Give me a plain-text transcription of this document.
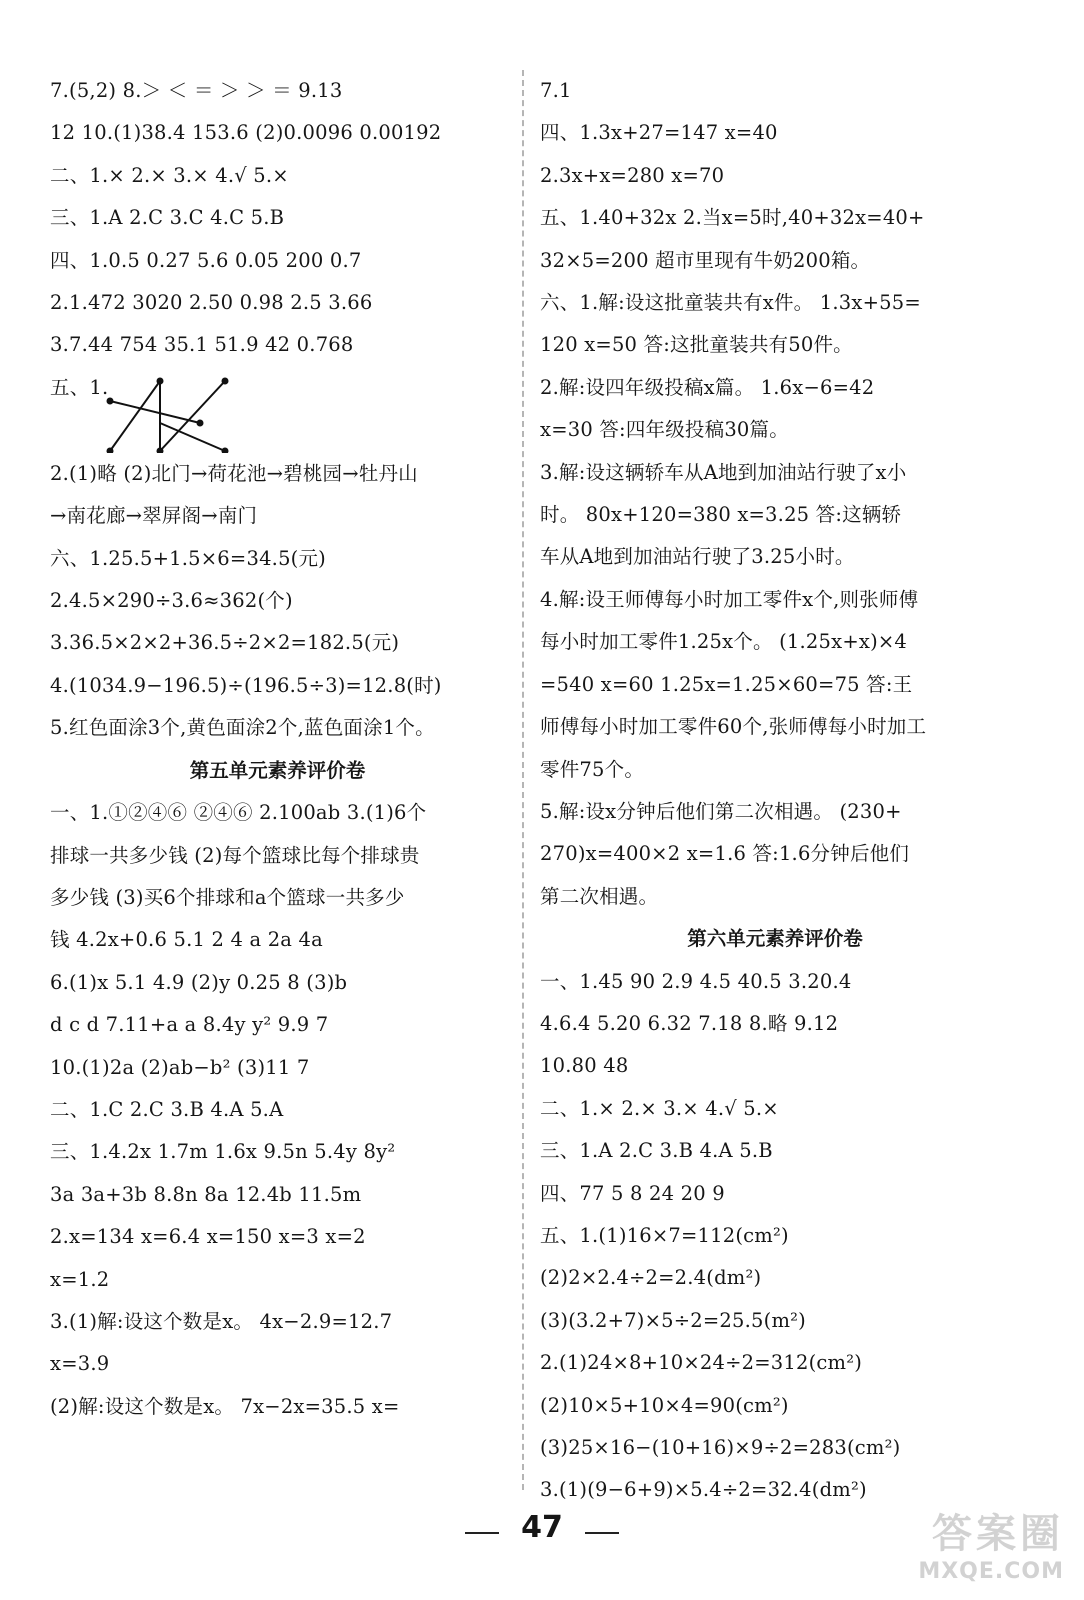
7.(5,2) 8.＞ ＜ ＝ ＞ ＞ ＝ 9.13
12 10.(1)38.4 153.6 (2)0.0096 0.00192
二、1.× 2.× 3.× 4.√ 5.×
三、1.A 2.C 3.C 4.C 5.B
四、1.0.5 0.27 5.6 0.05 200 0.7
2.1.472 3020 2.50 0.98 2.5 3.66
3.7.44 754 35.1 51.9 42 0.768
五、1.
2.(1)略 (2)北门→荷花池→碧桃园→牡丹山
→南花廊→翠屏阁→南门
六、1.25.5+1.5×6=34.5(元)
2.4.5×290÷3.6≈362(个)
3.36.5×2×2+36.5÷2×2=182.5(元)
4.(1034.9−196.5)÷(196.5÷3)=12.8(时)
5.红色面涂3个,黄色面涂2个,蓝色面涂1个。
第五单元素养评价卷
一、1.①②④⑥ ②④⑥ 2.100ab 3.(1)6个
排球一共多少钱 (2)每个篮球比每个排球贵
多少钱 (3)买6个排球和a个篮球一共多少
钱 4.2x+0.6 5.1 2 4 a 2a 4a
6.(1)x 5.1 4.9 (2)y 0.25 8 (3)b
d c d 7.11+a a 8.4y y² 9.9 7
10.(1)2a (2)ab−b² (3)11 7
二、1.C 2.C 3.B 4.A 5.A
三、1.4.2x 1.7m 1.6x 9.5n 5.4y 8y²
3a 3a+3b 8.8n 8a 12.4b 11.5m
2.x=134 x=6.4 x=150 x=3 x=2
x=1.2
3.(1)解:设这个数是x。 4x−2.9=12.7
x=3.9
(2)解:设这个数是x。 7x−2x=35.5 x=
7.1
四、1.3x+27=147 x=40
2.3x+x=280 x=70
五、1.40+32x 2.当x=5时,40+32x=40+
32×5=200 超市里现有牛奶200箱。
六、1.解:设这批童装共有x件。 1.3x+55=
120 x=50 答:这批童装共有50件。
2.解:设四年级投稿x篇。 1.6x−6=42
x=30 答:四年级投稿30篇。
3.解:设这辆轿车从A地到加油站行驶了x小
时。 80x+120=380 x=3.25 答:这辆轿
车从A地到加油站行驶了3.25小时。
4.解:设王师傅每小时加工零件x个,则张师傅
每小时加工零件1.25x个。 (1.25x+x)×4
=540 x=60 1.25x=1.25×60=75 答:王
师傅每小时加工零件60个,张师傅每小时加工
零件75个。
5.解:设x分钟后他们第二次相遇。 (230+
270)x=400×2 x=1.6 答:1.6分钟后他们
第二次相遇。
第六单元素养评价卷
一、1.45 90 2.9 4.5 40.5 3.20.4
4.6.4 5.20 6.32 7.18 8.略 9.12
10.80 48
二、1.× 2.× 3.× 4.√ 5.×
三、1.A 2.C 3.B 4.A 5.B
四、77 5 8 24 20 9
五、1.(1)16×7=112(cm²)
(2)2×2.4÷2=2.4(dm²)
(3)(3.2+7)×5÷2=25.5(m²)
2.(1)24×8+10×24÷2=312(cm²)
(2)10×5+10×4=90(cm²)
(3)25×16−(10+16)×9÷2=283(cm²)
3.(1)(9−6+9)×5.4÷2=32.4(dm²)
47	答案圈
MXQE.COM
